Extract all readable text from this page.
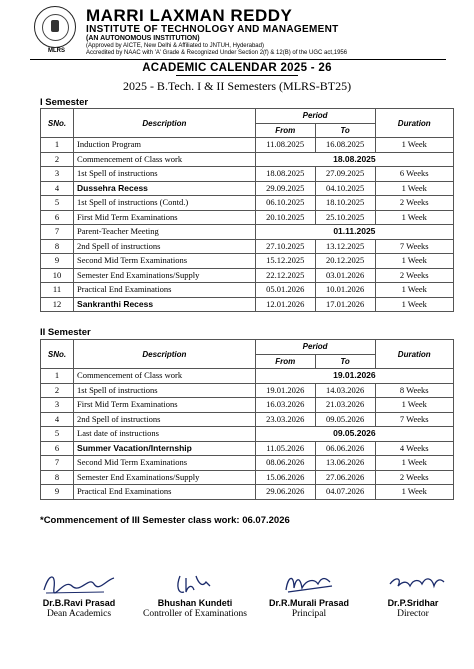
MLRS
MARRI LAXMAN REDDY
INSTITUTE OF TECHNOLOGY AND MANAGEMENT
(AN AUTONOMOUS INSTITUTION)
(Approved by AICTE, New Delhi & Affiliated to JNTUH, Hyderabad)
Accredited by NAAC with 'A' Grade & Recognized Under Section 2(f) & 12(B) of the UGC act,1956
ACADEMIC CALENDAR 2025 - 26
2025 - B.Tech. I & II Semesters (MLRS-BT25)
I Semester
SNo.	Description	Period		Duration
		From	To	
1	Induction Program	11.08.2025	16.08.2025	1 Week
2	Commencement of Class work	18.08.2025		
3	1st Spell of instructions	18.08.2025	27.09.2025	6 Weeks
4	Dussehra Recess	29.09.2025	04.10.2025	1 Week
5	1st Spell of instructions (Contd.)	06.10.2025	18.10.2025	2 Weeks
6	First Mid Term Examinations	20.10.2025	25.10.2025	1 Week
7	Parent-Teacher Meeting	01.11.2025		
8	2nd Spell of instructions	27.10.2025	13.12.2025	7 Weeks
9	Second Mid Term Examinations	15.12.2025	20.12.2025	1 Week
10	Semester End Examinations/Supply	22.12.2025	03.01.2026	2 Weeks
11	Practical End Examinations	05.01.2026	10.01.2026	1 Week
12	Sankranthi Recess	12.01.2026	17.01.2026	1 Week
II Semester
SNo.	Description	Period		Duration
		From	To	
1	Commencement of Class work	19.01.2026		
2	1st Spell of instructions	19.01.2026	14.03.2026	8 Weeks
3	First Mid Term Examinations	16.03.2026	21.03.2026	1 Week
4	2nd Spell of instructions	23.03.2026	09.05.2026	7 Weeks
5	Last date of instructions	09.05.2026		
6	Summer Vacation/Internship	11.05.2026	06.06.2026	4 Weeks
7	Second Mid Term Examinations	08.06.2026	13.06.2026	1 Week
8	Semester End Examinations/Supply	15.06.2026	27.06.2026	2 Weeks
9	Practical End Examinations	29.06.2026	04.07.2026	1 Week
*Commencement of III Semester class work: 06.07.2026
Dr.B.Ravi Prasad
Dean Academics
Bhushan Kundeti
Controller of Examinations
Dr.R.Murali Prasad
Principal
Dr.P.Sridhar
Director
